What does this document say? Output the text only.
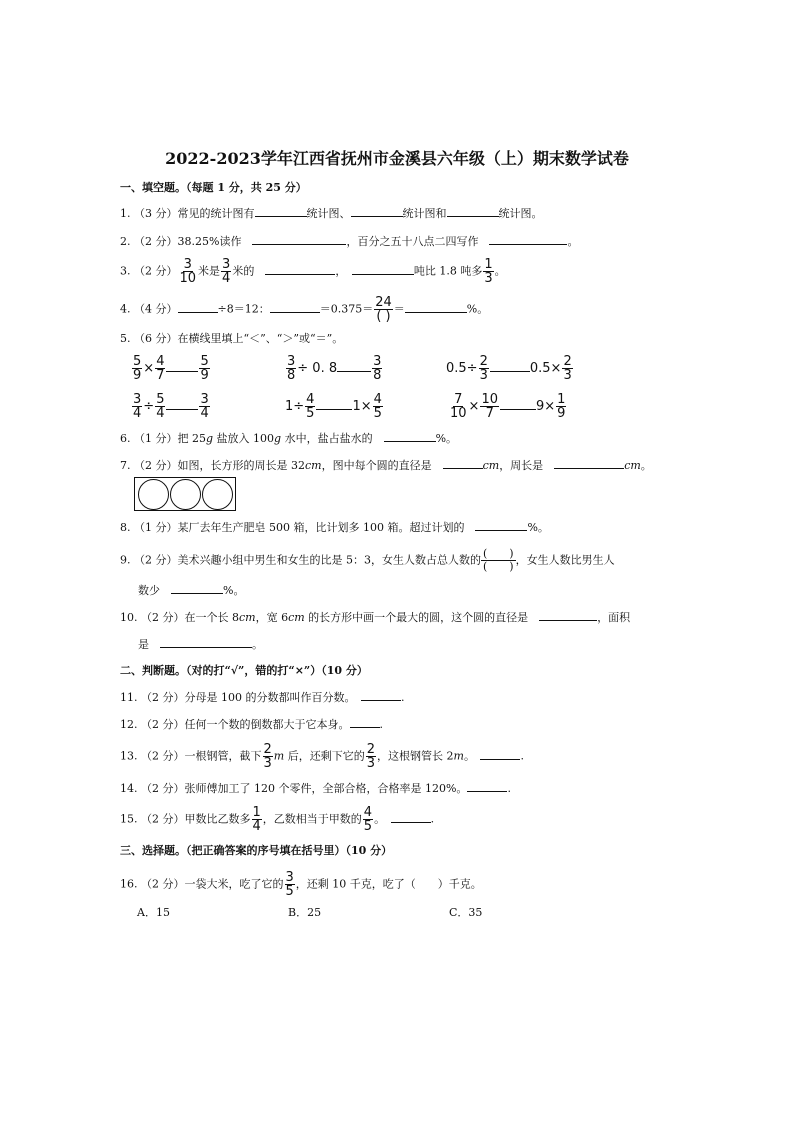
2022-2023学年江西省抚州市金溪县六年级（上）期末数学试卷
一、填空题。（每题 1 分，共 25 分）
1. （3 分）常见的统计图有	统计图、	统计图和	统计图。
2. （2 分）38.25%读作　	，百分之五十八点二四写作　	。
3. （2 分） $\frac{3}{10}$ 米是 $\frac{3}{4}$ 米的　	，　	吨比 1.8 吨多 $\frac{1}{3}$ 。
4. （4 分）	÷8＝12：	$=0.375= \frac{24}{( )}$ ＝	%。
5. （6 分）在横线里填上“＜”、“＞”或“＝”。
$\frac{5}{9} \times \frac{4}{7}$	$\frac{5}{9}$	$\frac{3}{8} \div 0$. 8	$\frac{3}{8}$	$0.5\div \frac{2}{3}$	$0.5\times \frac{2}{3}$
$\frac{3}{4} \div \frac{5}{4}$	$\frac{3}{4}$	$1\div \frac{4}{5}$	$1\times \frac{4}{5}$	$\frac{7}{10} \times \frac{10}{7}$	$9\times \frac{1}{9}$
6. （1 分）把 25g 盐放入 100g 水中，盐占盐水的　	%。
7. （2 分）如图，长方形的周长是 32cm，图中每个圆的直径是　	cm，周长是　	cm。
8. （1 分）某厂去年生产肥皂 500 箱，比计划多 100 箱。超过计划的　	%。
9. （2 分）美术兴趣小组中男生和女生的比是 5：3，女生人数占总人数的 $\frac{( )}{( )}$ ，女生人数比男生人
数少　	%。
10. （2 分）在一个长 8cm，宽 6cm 的长方形中画一个最大的圆，这个圆的直径是　	，面积
是　	。
二、判断题。（对的打“√”，错的打“×”）（10 分）
11. （2 分）分母是 100 的分数都叫作百分数。　	.
12. （2 分）任何一个数的倒数都大于它本身。	.
13. （2 分）一根钢管，截下 $\frac{2}{3}$ m 后，还剩下它的 $\frac{2}{3}$ ，这根钢管长 2m。　	.
14. （2 分）张师傅加工了 120 个零件，全部合格，合格率是 120%。	.
15. （2 分）甲数比乙数多 $\frac{1}{4}$ ，乙数相当于甲数的 $\frac{4}{5}$ 。　	.
三、选择题。（把正确答案的序号填在括号里）（10 分）
16. （2 分）一袋大米，吃了它的 $\frac{3}{5}$ ，还剩 10 千克，吃了（　　）千克。
A．15	B．25	C．35
